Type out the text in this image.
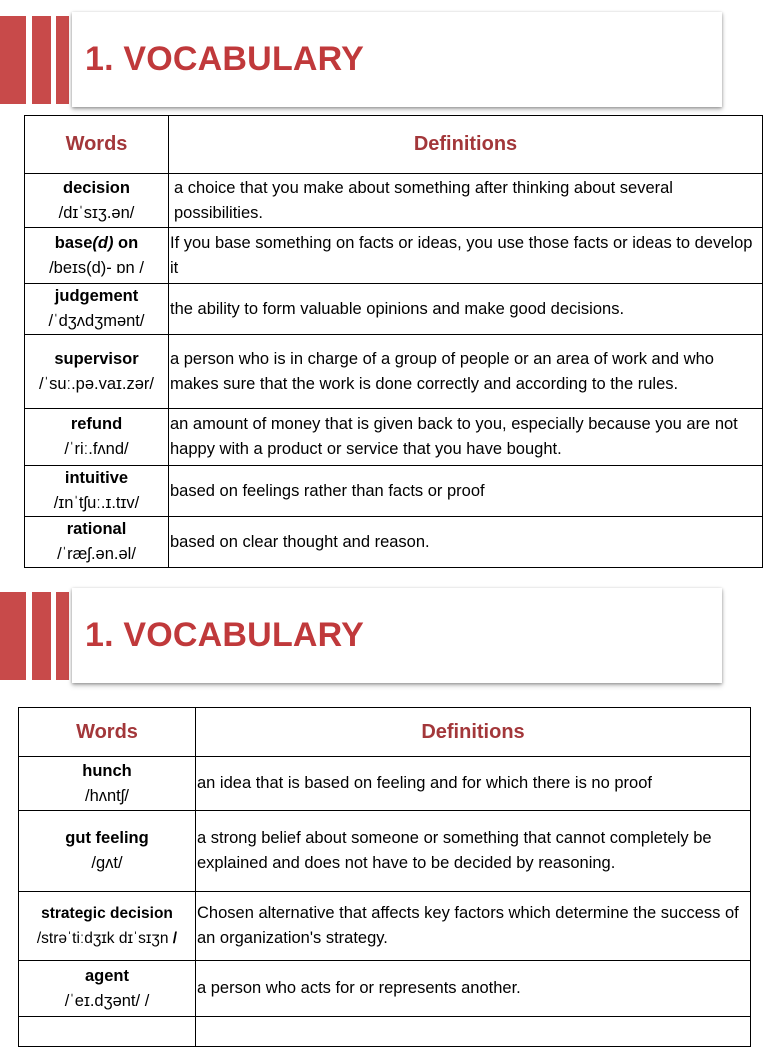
1. VOCABULARY
Words	Definitions

decision
/dɪˈsɪʒ.ən/	a choice that you make about something after thinking about several possibilities.

base(d) on
/beɪs(d)- ɒn /	If you base something on facts or ideas, you use those facts or ideas to develop it

judgement
/ˈdʒʌdʒmənt/	the ability to form valuable opinions and make good decisions.

supervisor
/ˈsuː.pə.vaɪ.zər/	a person who is in charge of a group of people or an area of work and who makes sure that the work is done correctly and according to the rules.

refund
/ˈriː.fʌnd/	an amount of money that is given back to you, especially because you are not happy with a product or service that you have bought.

intuitive
/ɪnˈtʃuː.ɪ.tɪv/	based on feelings rather than facts or proof

rational
/ˈræʃ.ən.əl/	based on clear thought and reason.
1. VOCABULARY
Words	Definitions

hunch
/hʌntʃ/	an idea that is based on feeling and for which there is no proof

gut feeling
/gʌt/	a strong belief about someone or something that cannot completely be explained and does not have to be decided by reasoning.

strategic decision
/strəˈtiːdʒɪk dɪˈsɪʒn /	Chosen alternative that affects key factors which determine the success of an organization's strategy.

agent
/ˈeɪ.dʒənt/ /	a person who acts for or represents another.
